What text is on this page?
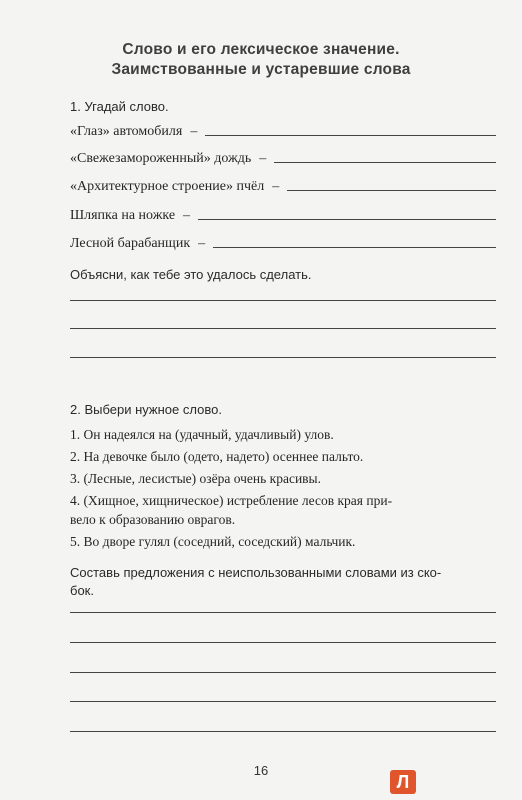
Слово и его лексическое значение.
Заимствованные и устаревшие слова
1. Угадай слово.
«Глаз» автомобиля –
«Свежезамороженный» дождь –
«Архитектурное строение» пчёл –
Шляпка на ножке –
Лесной барабанщик –
Объясни, как тебе это удалось сделать.
2. Выбери нужное слово.
1. Он надеялся на (удачный, удачливый) улов.
2. На девочке было (одето, надето) осеннее пальто.
3. (Лесные, лесистые) озёра очень красивы.
4. (Хищное, хищническое) истребление лесов края при-
велo к образованию оврагов.
5. Во дворе гулял (соседний, соседский) мальчик.
Составь предложения с неиспользованными словами из ско-
бок.
16
Л
